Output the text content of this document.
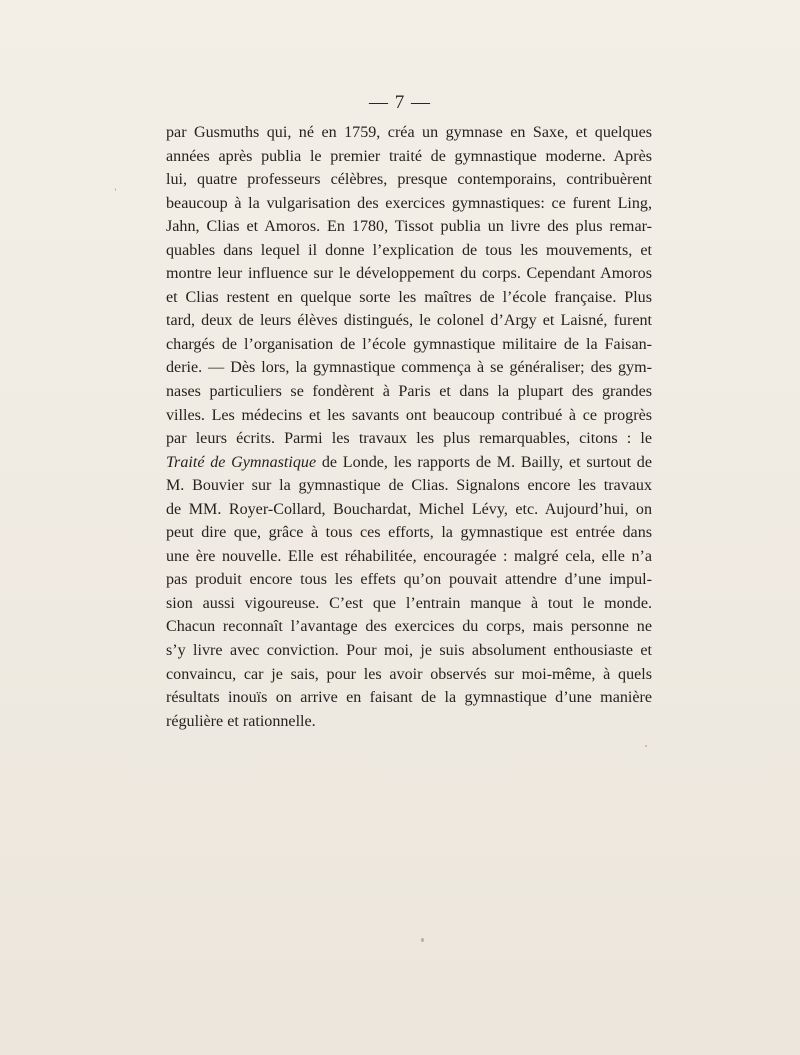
— 7 —
par Gusmuths qui, né en 1759, créa un gymnase en Saxe, et quelques
années après publia le premier traité de gymnastique moderne. Après
lui, quatre professeurs célèbres, presque contemporains, contribuèrent
beaucoup à la vulgarisation des exercices gymnastiques: ce furent Ling,
Jahn, Clias et Amoros. En 1780, Tissot publia un livre des plus remar-
quables dans lequel il donne l’explication de tous les mouvements, et
montre leur influence sur le développement du corps. Cependant Amoros
et Clias restent en quelque sorte les maîtres de l’école française. Plus
tard, deux de leurs élèves distingués, le colonel d’Argy et Laisné, furent
chargés de l’organisation de l’école gymnastique militaire de la Faisan-
derie. — Dès lors, la gymnastique commença à se généraliser; des gym-
nases particuliers se fondèrent à Paris et dans la plupart des grandes
villes. Les médecins et les savants ont beaucoup contribué à ce progrès
par leurs écrits. Parmi les travaux les plus remarquables, citons : le
Traité de Gymnastique de Londe, les rapports de M. Bailly, et surtout de
M. Bouvier sur la gymnastique de Clias. Signalons encore les travaux
de MM. Royer-Collard, Bouchardat, Michel Lévy, etc. Aujourd’hui, on
peut dire que, grâce à tous ces efforts, la gymnastique est entrée dans
une ère nouvelle. Elle est réhabilitée, encouragée : malgré cela, elle n’a
pas produit encore tous les effets qu’on pouvait attendre d’une impul-
sion aussi vigoureuse. C’est que l’entrain manque à tout le monde.
Chacun reconnaît l’avantage des exercices du corps, mais personne ne
s’y livre avec conviction. Pour moi, je suis absolument enthousiaste et
convaincu, car je sais, pour les avoir observés sur moi-même, à quels
résultats inouïs on arrive en faisant de la gymnastique d’une manière
régulière et rationnelle.
